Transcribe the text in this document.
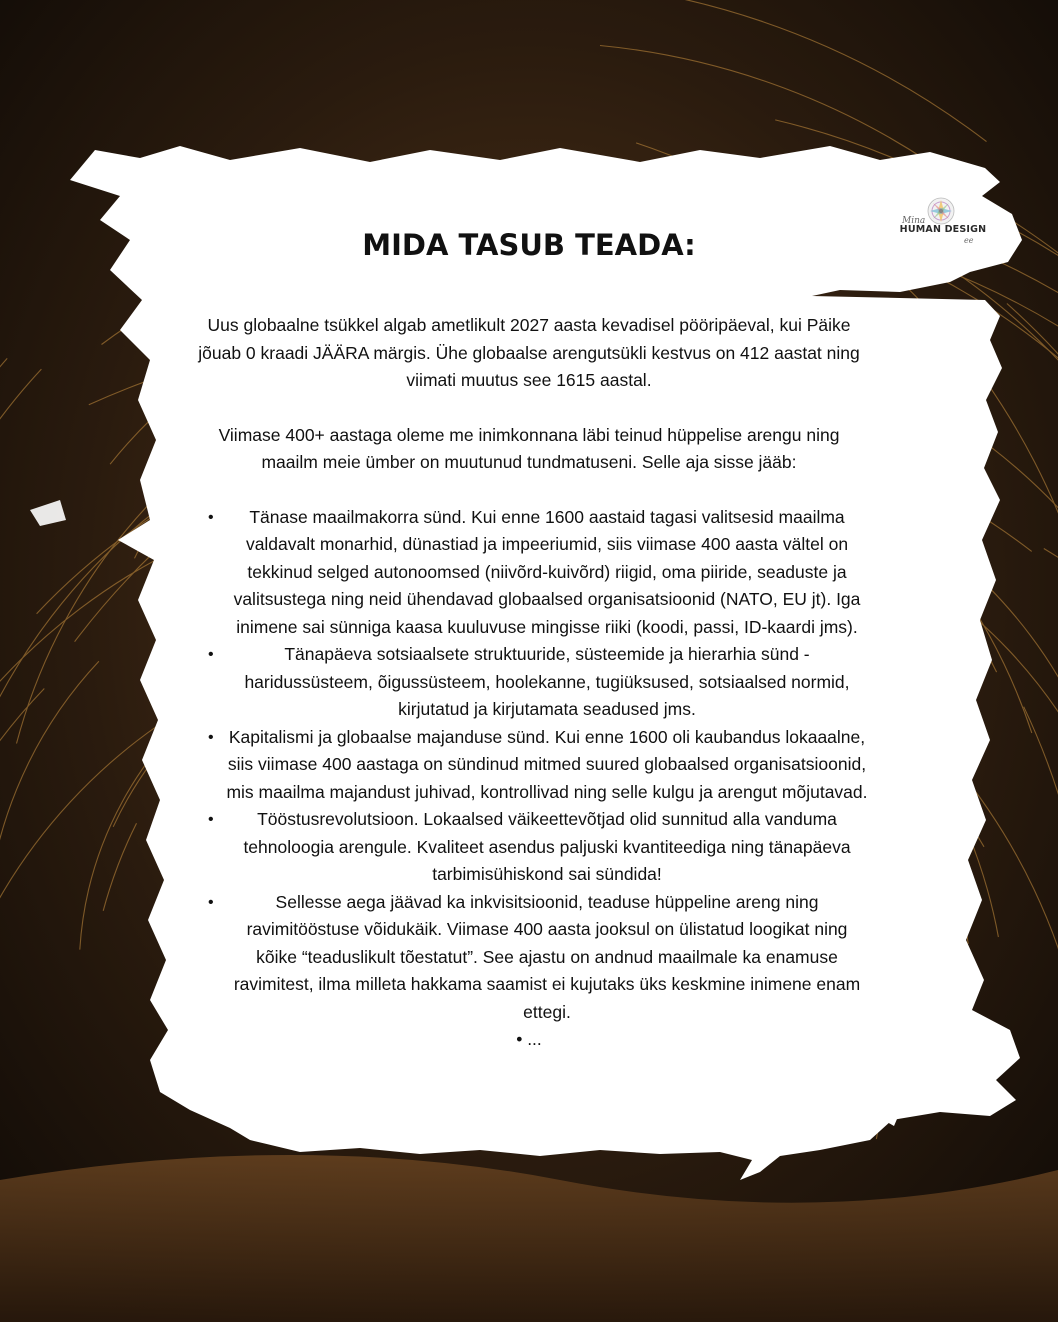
Mina
HUMAN DESIGN
ee
MIDA TASUB TEADA:

Uus globaalne tsükkel algab ametlikult 2027 aasta kevadisel pööripäeval, kui Päike jõuab 0 kraadi JÄÄRA märgis. Ühe globaalse arengutsükli kestvus on 412 aastat ning viimati muutus see 1615 aastal.

Viimase 400+ aastaga oleme me inimkonnana läbi teinud hüppelise arengu ning maailm meie ümber on muutunud tundmatuseni. Selle aja sisse jääb:

• Tänase maailmakorra sünd. Kui enne 1600 aastaid tagasi valitsesid maailma valdavalt monarhid, dünastiad ja impeeriumid, siis viimase 400 aasta vältel on tekkinud selged autonoomsed (niivõrd-kuivõrd) riigid, oma piiride, seaduste ja valitsustega ning neid ühendavad globaalsed organisatsioonid (NATO, EU jt). Iga inimene sai sünniga kaasa kuuluvuse mingisse riiki (koodi, passi, ID-kaardi jms).
•	Tänapäeva sotsiaalsete struktuuride, süsteemide ja hierarhia sünd - haridussüsteem, õigussüsteem, hoolekanne, tugiüksused, sotsiaalsed normid, kirjutatud ja kirjutamata seadused jms.
• Kapitalismi ja globaalse majanduse sünd. Kui enne 1600 oli kaubandus lokaaalne, siis viimase 400 aastaga on sündinud mitmed suured globaalsed organisatsioonid, mis maailma majandust juhivad, kontrollivad ning selle kulgu ja arengut mõjutavad.
• Tööstusrevolutsioon. Lokaalsed väikeettevõtjad olid sunnitud alla vanduma tehnoloogia arengule. Kvaliteet asendus paljuski kvantiteediga ning tänapäeva tarbimisühiskond sai sündida!
•	Sellesse aega jäävad ka inkvisitsioonid, teaduse hüppeline areng ning ravimitööstuse võidukäik. Viimase 400 aasta jooksul on ülistatud loogikat ning kõike “teaduslikult tõestatut”. See ajastu on andnud maailmale ka enamuse ravimitest, ilma milleta hakkama saamist ei kujutaks üks keskmine inimene enam ettegi.
• ...
